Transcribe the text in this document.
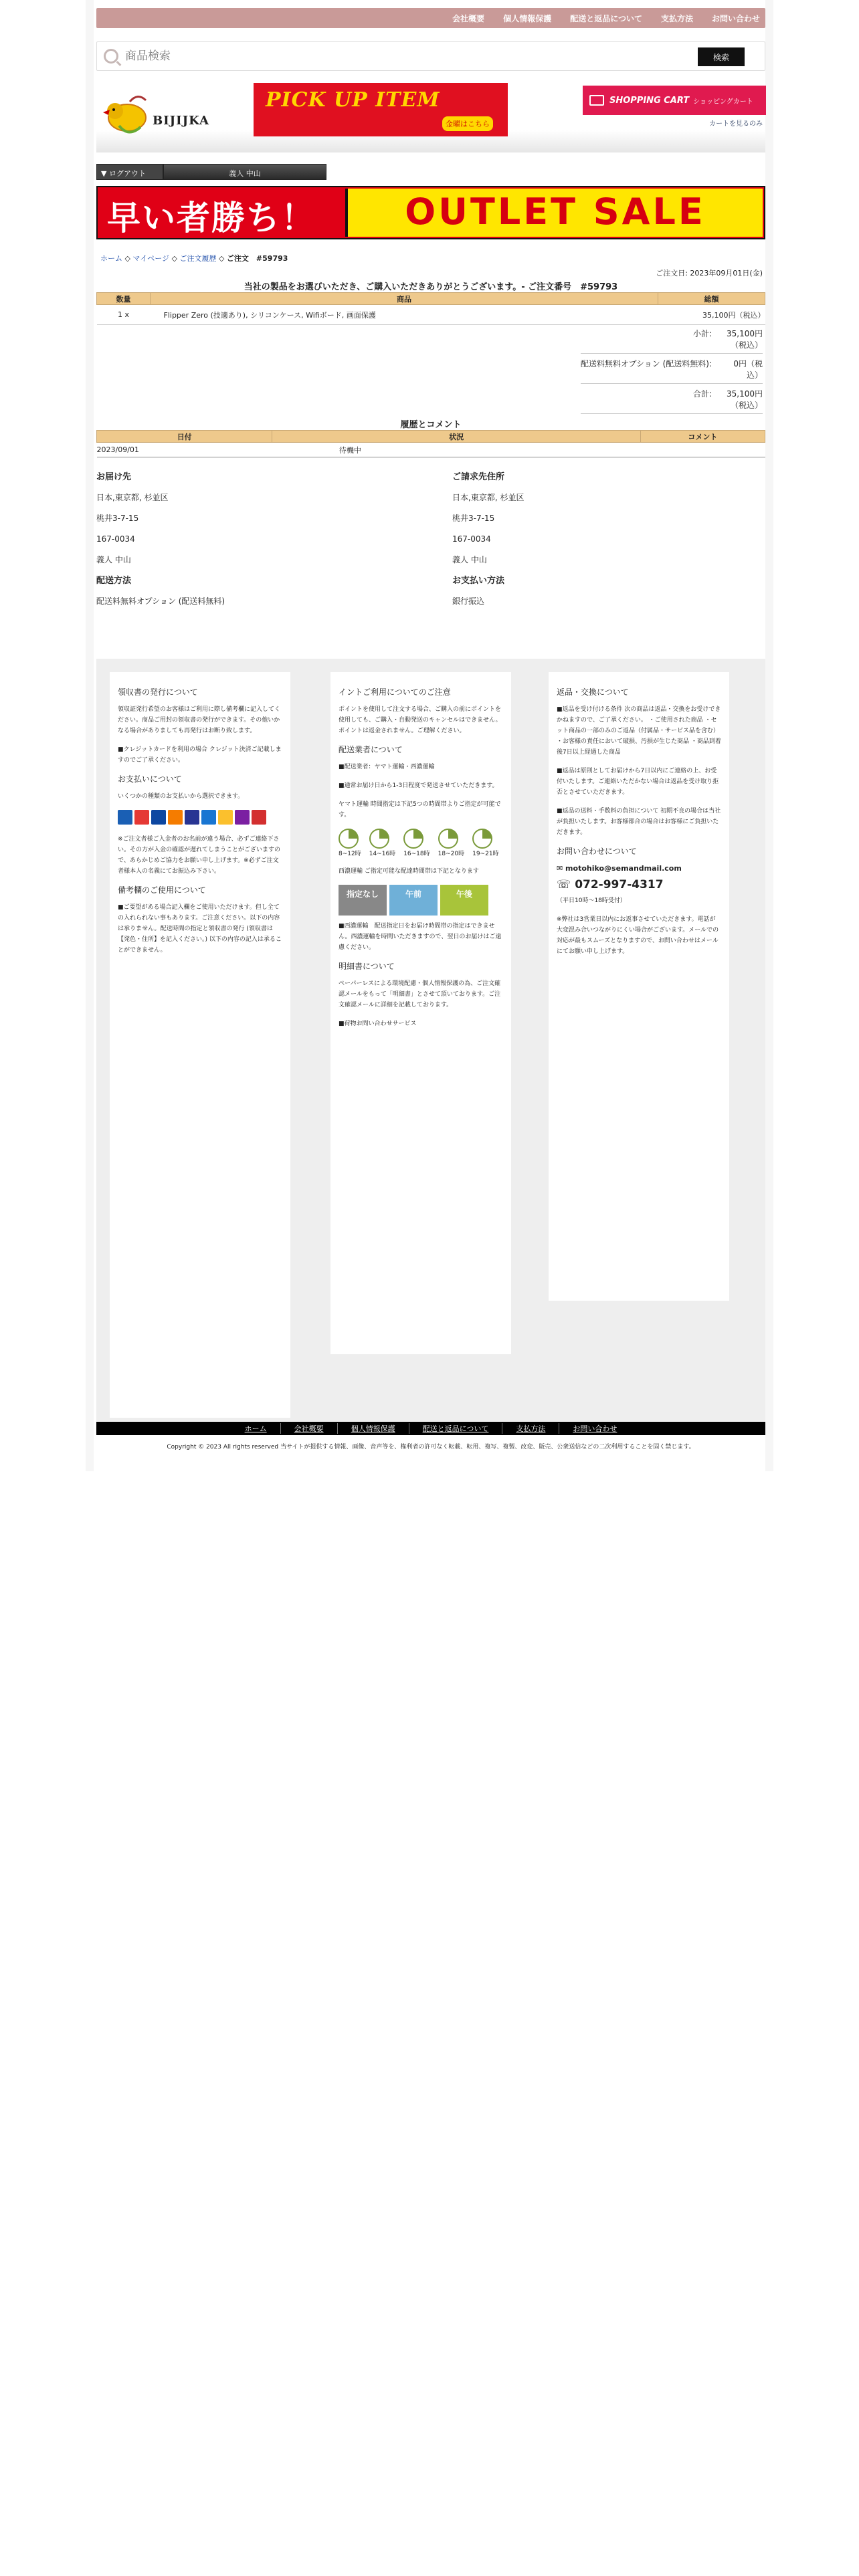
会社概要 個人情報保護 配送と返品について 支払方法 お問い合わせ
商品検索
検索
BIJIJKA
PICK UP ITEM
金曜はこちら
SHOPPING CART ショッピングカート
カートを見るのみ
▼ ログアウト	義人 中山
早い者勝ち！	OUTLET SALE
ホーム ◇ マイページ ◇ ご注文履歴 ◇ ご注文　#59793
ご注文日: 2023年09月01日(金)
当社の製品をお選びいただき、ご購入いただきありがとうございます。- ご注文番号　#59793
数量	商品	総額
1 x	Flipper Zero (技適あり), シリコンケース, Wifiボード, 画面保護	35,100円（税込）
小計:	35,100円（税込）
配送料無料オプション (配送料無料):	0円（税込）
合計:	35,100円（税込）
履歴とコメント
日付	状況	コメント
2023/09/01	待機中	
お届け先
日本,東京都, 杉並区
桃井3-7-15
167-0034
義人 中山
配送方法
配送料無料オプション (配送料無料)
ご請求先住所
日本,東京都, 杉並区
桃井3-7-15
167-0034
義人 中山
お支払い方法
銀行振込
領収書の発行について

領収証発行希望のお客様はご利用に際し備考欄に記入してください。商品ご用封の領収書の発行ができます。その他いかなる場合がありましても再発行はお断り致します。

■クレジットカードを利用の場合 クレジット決済ご記載しますのでご了承ください。

お支払いについて

いくつかの種類のお支払いから選択できます。

※ご注文者様ご入金者のお名前が違う場合、必ずご連絡下さい。その方が入金の確認が遅れてしまうことがございますので、あらかじめご協力をお願い申し上げます。※必ずご注文者様本人の名義にてお振込み下さい。

備考欄のご使用について

■ご要望がある場合記入欄をご使用いただけます。但し全ての入れられない事もあります。ご注意ください。以下の内容は承りません。配送時間の指定と領収書の発行 (領収書は【発色・住所】を記入ください。) 以下の内容の記入は承ることができません。

イントご利用についてのご注意

ポイントを使用して注文する場合、ご購入の前にポイントを使用しても、ご購入・自動発送のキャンセルはできません。ポイントは返金されません。ご理解ください。

配送業者について

■配送業者：ヤマト運輸・西濃運輸

■通常お届け日から1-3日程度で発送させていただきます。

ヤマト運輸 時間指定は下記5つの時間帯よりご指定が可能です。

8~12時 14~16時 16~18時 18~20時 19~21時

西濃運輸 ご指定可能な配達時間帯は下記となります

指定なし	午前	午後

■西濃運輸　配送指定日をお届け時間帯の指定はできません。西濃運輸を時間いただきますので、翌日のお届けはご遠慮ください。

明細書について

ペーパーレスによる環境配慮・個人情報保護の為、ご注文確認メールをもって「明細書」とさせて頂いております。ご注文確認メールに詳細を記載しております。

■荷物お問い合わせサービス

返品・交換について

■返品を受け付ける条件 次の商品は返品・交換をお受けできかねますので、ご了承ください。 ・ご使用された商品 ・セット商品の一部のみのご返品（付属品・サービス品を含む） ・お客様の責任において破損、汚損が生じた商品 ・商品到着後7日以上経過した商品

■返品は原則としてお届けから7日以内にご連絡の上、お受付いたします。ご連絡いただかない場合は返品を受け取り拒否とさせていただきます。

■返品の送料・手数料の負担について 初期不良の場合は当社が負担いたします。お客様都合の場合はお客様にご負担いただきます。

お問い合わせについて
✉ motohiko@semandmail.com
☏ 072-997-4317

（平日10時〜18時受付）

※弊社は3営業日以内にお返事させていただきます。電話が大変混み合いつながりにくい場合がございます。メールでの対応が最もスムーズとなりますので、お問い合わせはメールにてお願い申し上げます。

ホーム	会社概要	個人情報保護	配送と返品について	支払方法	お問い合わせ
Copyright © 2023 All rights reserved 当サイトが提供する情報、画像、音声等を、権利者の許可なく転載、転用、複写、複製、改変、販売、公衆送信などの二次利用することを固く禁じます。
